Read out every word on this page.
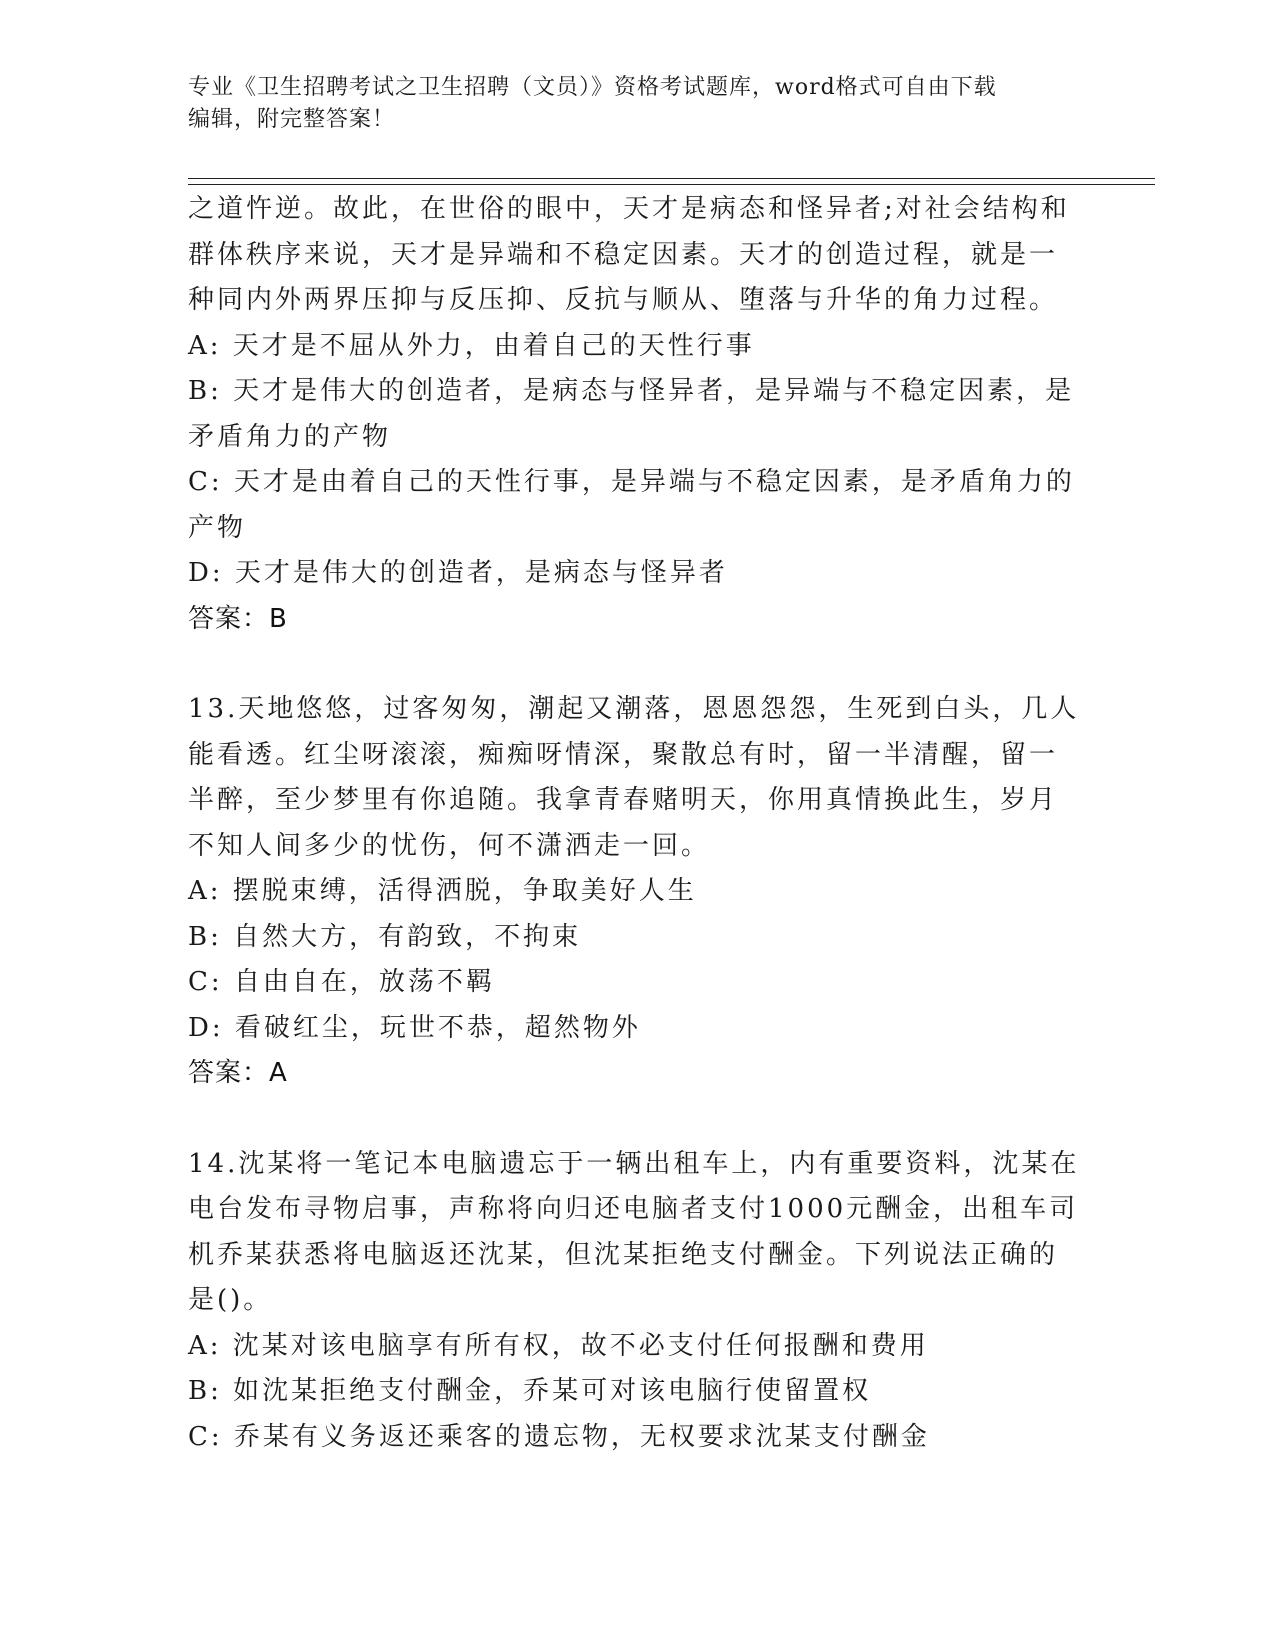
专业《卫生招聘考试之卫生招聘（文员）》资格考试题库，word格式可自由下载
编辑，附完整答案！
之道忤逆。故此，在世俗的眼中，天才是病态和怪异者;对社会结构和
群体秩序来说，天才是异端和不稳定因素。天才的创造过程，就是一
种同内外两界压抑与反压抑、反抗与顺从、堕落与升华的角力过程。
A: 天才是不屈从外力，由着自己的天性行事
B: 天才是伟大的创造者，是病态与怪异者，是异端与不稳定因素，是
矛盾角力的产物
C: 天才是由着自己的天性行事，是异端与不稳定因素，是矛盾角力的
产物
D: 天才是伟大的创造者，是病态与怪异者
答案：B
13.天地悠悠，过客匆匆，潮起又潮落，恩恩怨怨，生死到白头，几人
能看透。红尘呀滚滚，痴痴呀情深，聚散总有时，留一半清醒，留一
半醉，至少梦里有你追随。我拿青春赌明天，你用真情换此生，岁月
不知人间多少的忧伤，何不潇洒走一回。
A: 摆脱束缚，活得洒脱，争取美好人生
B: 自然大方，有韵致，不拘束
C: 自由自在，放荡不羁
D: 看破红尘，玩世不恭，超然物外
答案：A
14.沈某将一笔记本电脑遗忘于一辆出租车上，内有重要资料，沈某在
电台发布寻物启事，声称将向归还电脑者支付1000元酬金，出租车司
机乔某获悉将电脑返还沈某，但沈某拒绝支付酬金。下列说法正确的
是()。
A: 沈某对该电脑享有所有权，故不必支付任何报酬和费用
B: 如沈某拒绝支付酬金，乔某可对该电脑行使留置权
C: 乔某有义务返还乘客的遗忘物，无权要求沈某支付酬金
